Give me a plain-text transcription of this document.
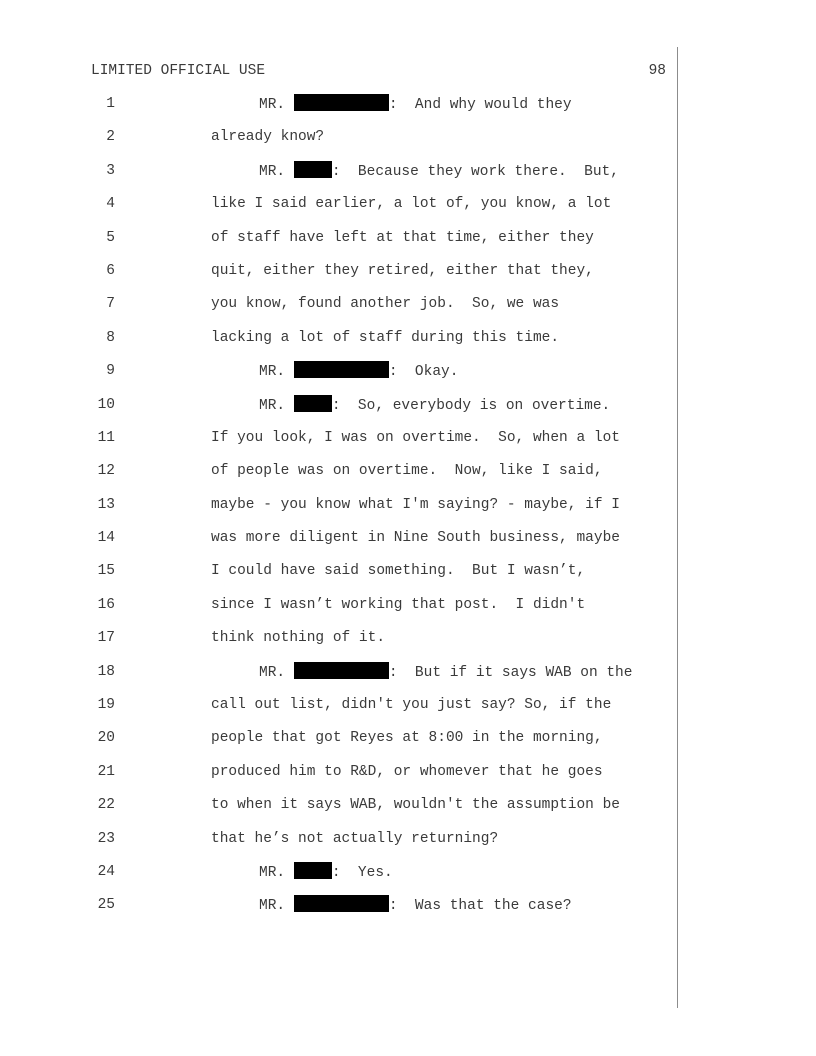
LIMITED OFFICIAL USE	98
1	MR.	:  And why would they
2	already know?
3	MR.	:  Because they work there.  But,
4	like I said earlier, a lot of, you know, a lot
5	of staff have left at that time, either they
6	quit, either they retired, either that they,
7	you know, found another job.  So, we was
8	lacking a lot of staff during this time.
9	MR.	:  Okay.
10	MR.	:  So, everybody is on overtime.
11	If you look, I was on overtime.  So, when a lot
12	of people was on overtime.  Now, like I said,
13	maybe - you know what I'm saying? - maybe, if I
14	was more diligent in Nine South business, maybe
15	I could have said something.  But I wasn’t,
16	since I wasn’t working that post.  I didn't
17	think nothing of it.
18	MR.	:  But if it says WAB on the
19	call out list, didn't you just say? So, if the
20	people that got Reyes at 8:00 in the morning,
21	produced him to R&D, or whomever that he goes
22	to when it says WAB, wouldn't the assumption be
23	that he’s not actually returning?
24	MR.	:  Yes.
25	MR.	:  Was that the case?
